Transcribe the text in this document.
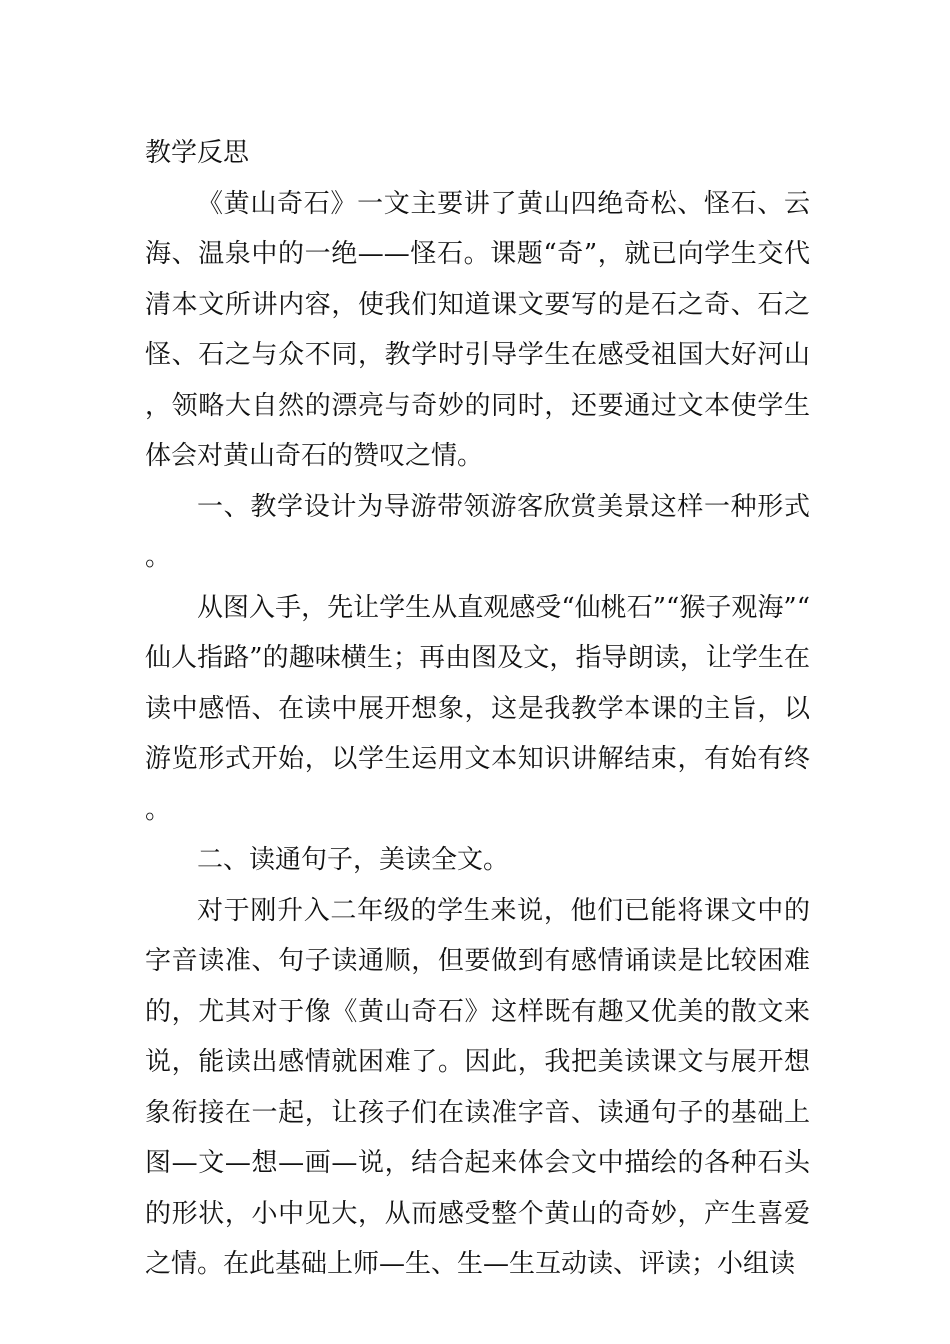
教学反思

《黄山奇石》一文主要讲了黄山四绝奇松、怪石、云海、温泉中的一绝——怪石。课题“奇”，就已向学生交代清本文所讲内容，使我们知道课文要写的是石之奇、石之怪、石之与众不同，教学时引导学生在感受祖国大好河山，领略大自然的漂亮与奇妙的同时，还要通过文本使学生体会对黄山奇石的赞叹之情。

一、教学设计为导游带领游客欣赏美景这样一种形式。

从图入手，先让学生从直观感受“仙桃石”“猴子观海”“仙人指路”的趣味横生；再由图及文，指导朗读，让学生在读中感悟、在读中展开想象，这是我教学本课的主旨，以游览形式开始，以学生运用文本知识讲解结束，有始有终。

二、读通句子，美读全文。

对于刚升入二年级的学生来说，他们已能将课文中的字音读准、句子读通顺，但要做到有感情诵读是比较困难的，尤其对于像《黄山奇石》这样既有趣又优美的散文来说，能读出感情就困难了。因此，我把美读课文与展开想象衔接在一起，让孩子们在读准字音、读通句子的基础上图—文—想—画—说，结合起来体会文中描绘的各种石头的形状，小中见大，从而感受整个黄山的奇妙，产生喜爱之情。在此基础上师—生、生—生互动读、评读；小组读
